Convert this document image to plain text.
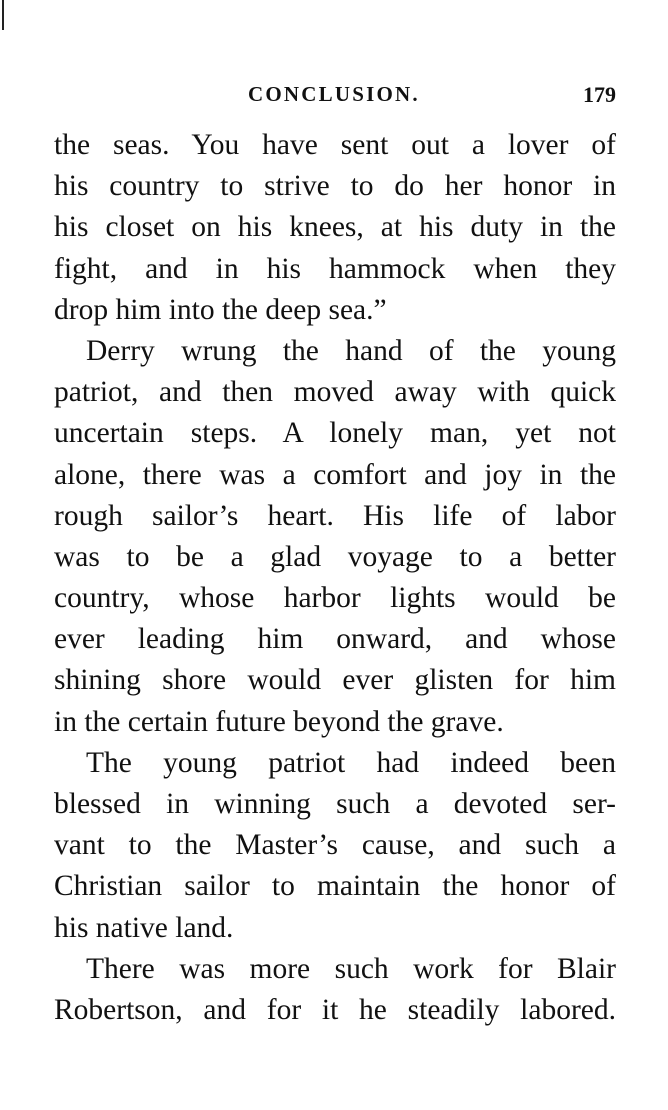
CONCLUSION.	179
the seas. You have sent out a lover of
his country to strive to do her honor in
his closet on his knees, at his duty in the
fight, and in his hammock when they
drop him into the deep sea.”
Derry wrung the hand of the young
patriot, and then moved away with quick
uncertain steps. A lonely man, yet not
alone, there was a comfort and joy in the
rough sailor’s heart. His life of labor
was to be a glad voyage to a better
country, whose harbor lights would be
ever leading him onward, and whose
shining shore would ever glisten for him
in the certain future beyond the grave.
The young patriot had indeed been
blessed in winning such a devoted ser-
vant to the Master’s cause, and such a
Christian sailor to maintain the honor of
his native land.
There was more such work for Blair
Robertson, and for it he steadily labored.
